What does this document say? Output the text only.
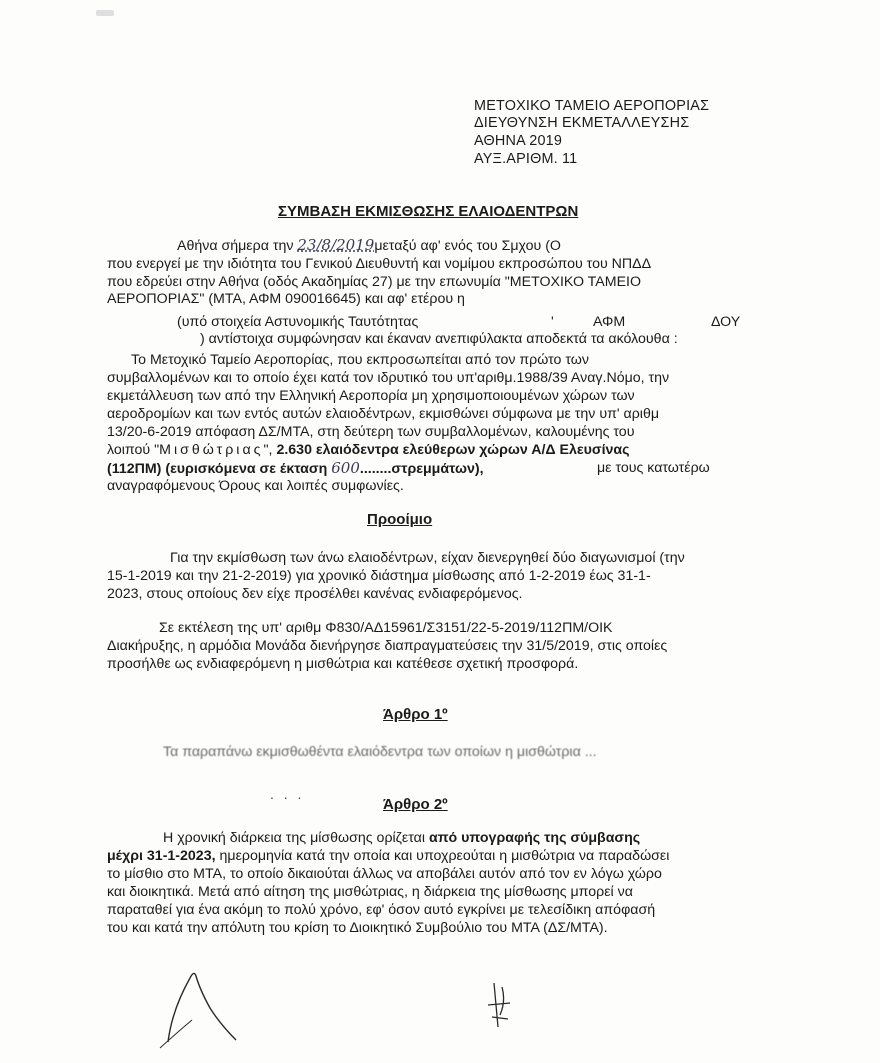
ΜΕΤΟΧΙΚΟ ΤΑΜΕΙΟ ΑΕΡΟΠΟΡΙΑΣ
ΔΙΕΥΘΥΝΣΗ ΕΚΜΕΤΑΛΛΕΥΣΗΣ
ΑΘΗΝΑ 2019
ΑΥΞ.ΑΡΙΘΜ. 11
ΣΥΜΒΑΣΗ ΕΚΜΙΣΘΩΣΗΣ ΕΛΑΙΟΔΕΝΤΡΩΝ
Αθήνα σήμερα την 23/8/2019μεταξύ αφ' ενός του Σμχου (Ο
που ενεργεί με την ιδιότητα του Γενικού Διευθυντή και νομίμου εκπροσώπου του ΝΠΔΔ
που εδρεύει στην Αθήνα (οδός Ακαδημίας 27) με την επωνυμία "ΜΕΤΟΧΙΚΟ ΤΑΜΕΙΟ
ΑΕΡΟΠΟΡΙΑΣ" (ΜΤΑ, ΑΦΜ 090016645) και αφ' ετέρου η
(υπό στοιχεία Αστυνομικής Ταυτότητας	'	ΑΦΜ	ΔΟΥ
) αντίστοιχα συμφώνησαν και έκαναν ανεπιφύλακτα αποδεκτά τα ακόλουθα :
Το Μετοχικό Ταμείο Αεροπορίας, που εκπροσωπείται από τον πρώτο των
συμβαλλομένων και το οποίο έχει κατά τον ιδρυτικό του υπ'αριθμ.1988/39 Αναγ.Νόμο, την
εκμετάλλευση των από την Ελληνική Αεροπορία μη χρησιμοποιουμένων χώρων των
αεροδρομίων και των εντός αυτών ελαιοδέντρων, εκμισθώνει σύμφωνα με την υπ' αριθμ
13/20-6-2019 απόφαση ΔΣ/ΜΤΑ, στη δεύτερη των συμβαλλομένων, καλουμένης του
λοιπού "Μισθώτριας", 2.630 ελαιόδεντρα ελεύθερων χώρων Α/Δ Ελευσίνας
(112ΠΜ) (ευρισκόμενα σε έκταση 600........στρεμμάτων),	με τους κατωτέρω
αναγραφόμενους Όρους και λοιπές συμφωνίες.
Προοίμιο
Για την εκμίσθωση των άνω ελαιοδέντρων, είχαν διενεργηθεί δύο διαγωνισμοί (την
15-1-2019 και την 21-2-2019) για χρονικό διάστημα μίσθωσης από 1-2-2019 έως 31-1-
2023, στους οποίους δεν είχε προσέλθει κανένας ενδιαφερόμενος.
Σε εκτέλεση της υπ' αριθμ Φ830/ΑΔ15961/Σ3151/22-5-2019/112ΠΜ/ΟΙΚ
Διακήρυξης, η αρμόδια Μονάδα διενήργησε διαπραγματεύσεις την 31/5/2019, στις οποίες
προσήλθε ως ενδιαφερόμενη η μισθώτρια και κατέθεσε σχετική προσφορά.
Άρθρο 1º
Τα παραπάνω εκμισθωθέντα ελαιόδεντρα των οποίων η μισθώτρια ...
. . .
Άρθρο 2º
Η χρονική διάρκεια της μίσθωσης ορίζεται από υπογραφής της σύμβασης
μέχρι 31-1-2023, ημερομηνία κατά την οποία και υποχρεούται η μισθώτρια να παραδώσει
το μίσθιο στο ΜΤΑ, το οποίο δικαιούται άλλως να αποβάλει αυτόν από τον εν λόγω χώρο
και διοικητικά. Μετά από αίτηση της μισθώτριας, η διάρκεια της μίσθωσης μπορεί να
παραταθεί για ένα ακόμη το πολύ χρόνο, εφ' όσον αυτό εγκρίνει με τελεσίδικη απόφασή
του και κατά την απόλυτη του κρίση το Διοικητικό Συμβούλιο του ΜΤΑ (ΔΣ/ΜΤΑ).
